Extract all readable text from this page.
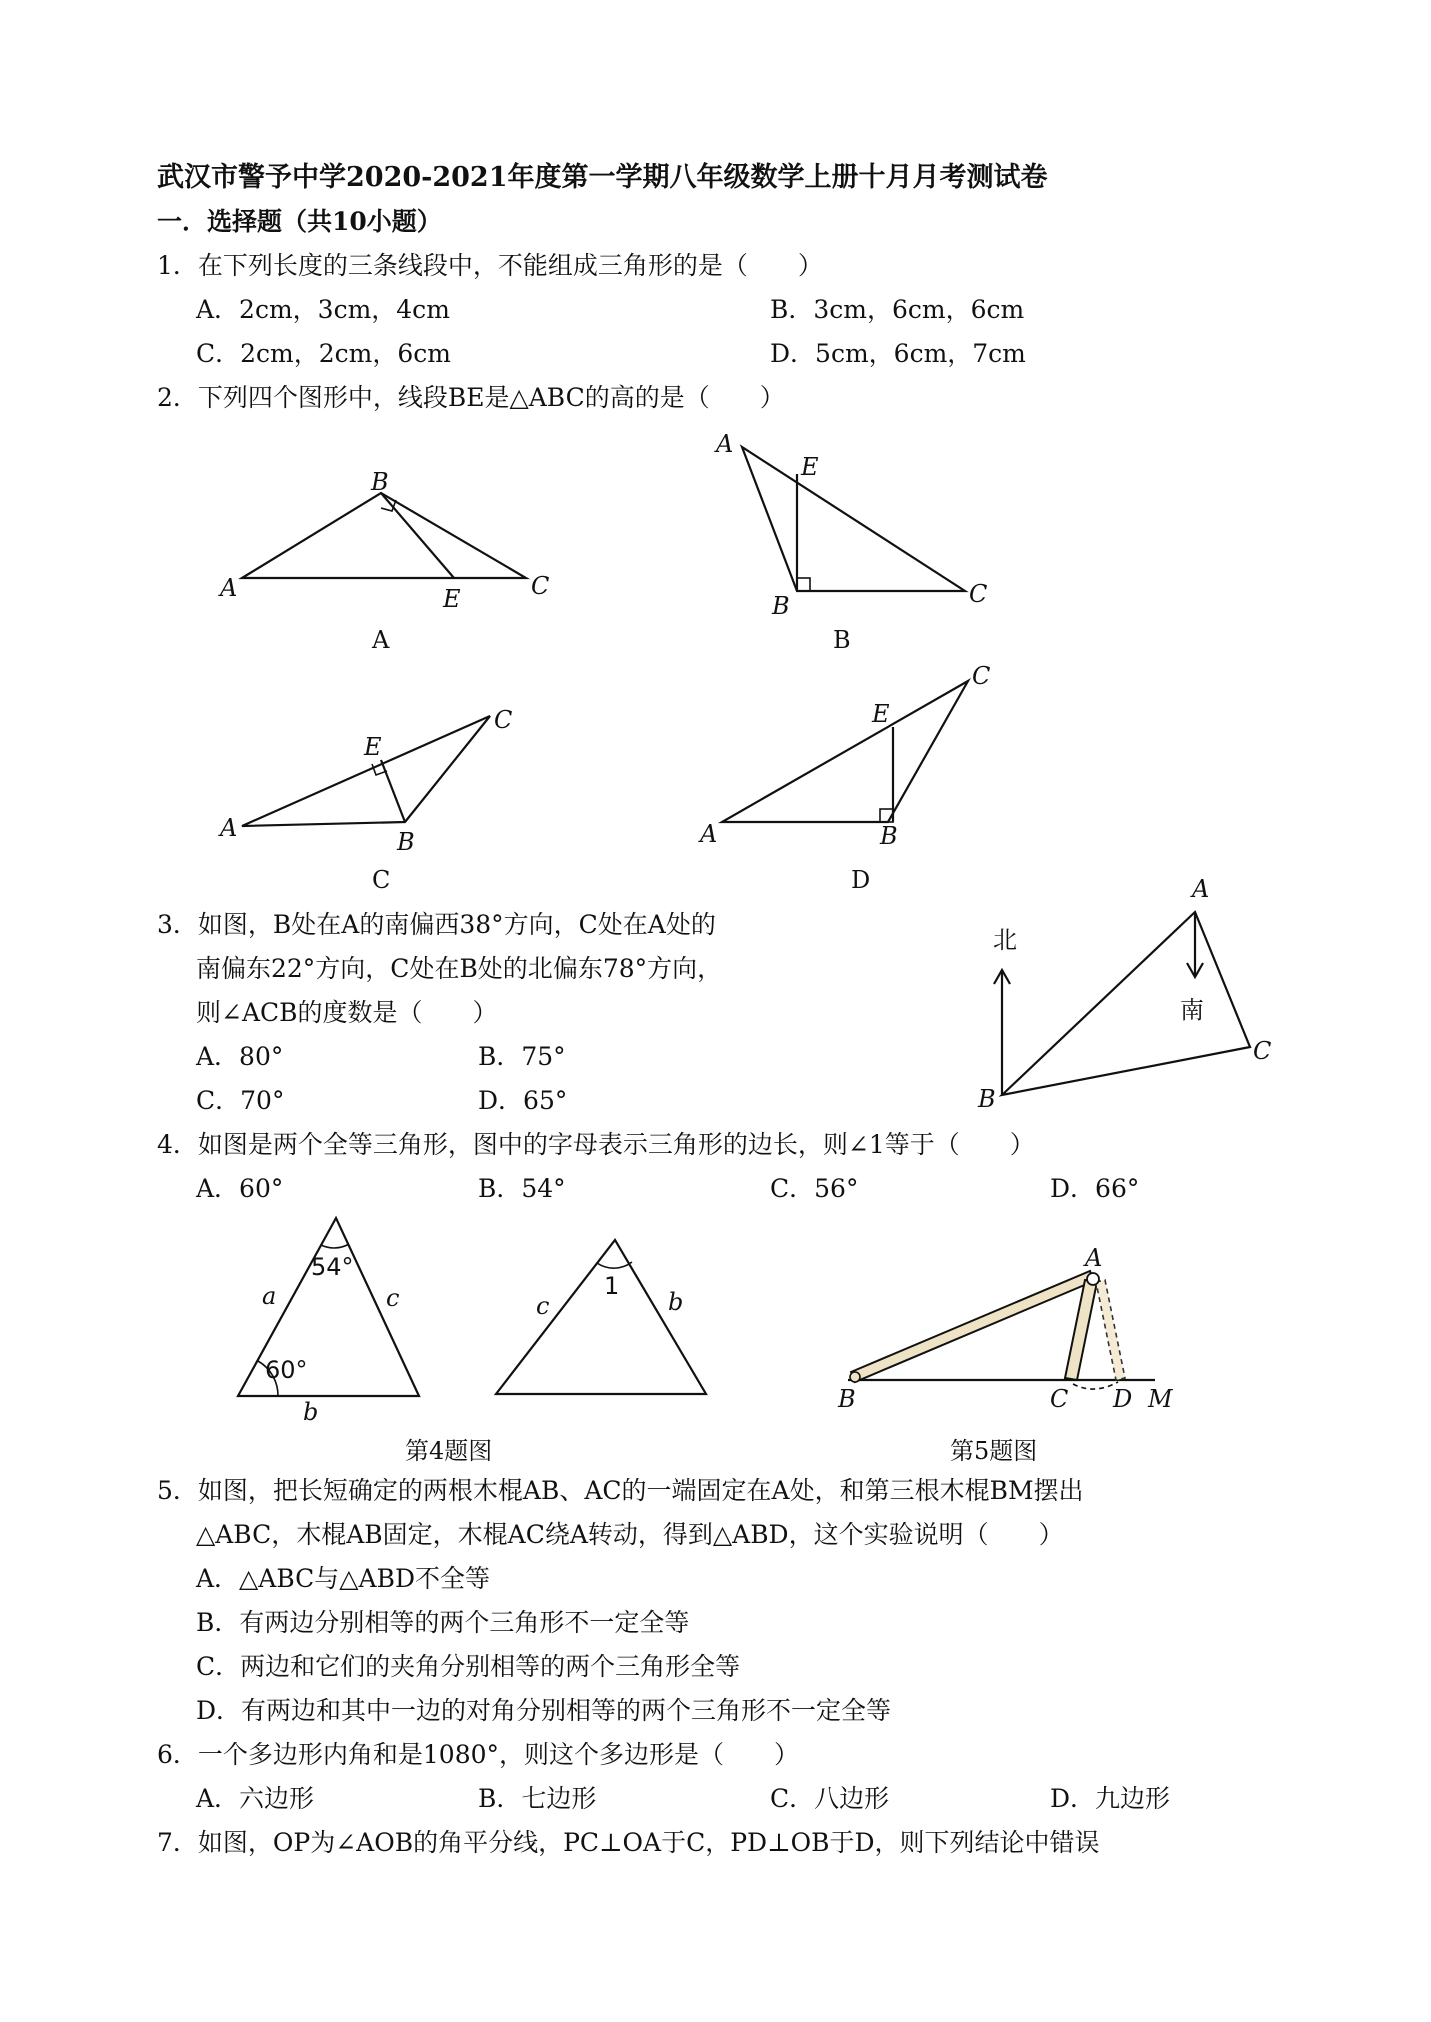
武汉市警予中学2020-2021年度第一学期八年级数学上册十月月考测试卷
一．选择题（共10小题）
1．在下列长度的三条线段中，不能组成三角形的是（　　）
A．2cm，3cm，4cm	B．3cm，6cm，6cm
C．2cm，2cm，6cm	D．5cm，6cm，7cm
2．下列四个图形中，线段BE是△ABC的高的是（　　）
A
B
C
E
A
E
B	C
A
E
C
B	A
E
C
B
北
南
A
B
C
54°
60°
a	c
b
1
c	b
A
B	C D M
A	B
C	D
3．如图，B处在A的南偏西38°方向，C处在A处的
南偏东22°方向，C处在B处的北偏东78°方向，
则∠ACB的度数是（　　）
A．80°	B．75°
C．70°	D．65°
4．如图是两个全等三角形，图中的字母表示三角形的边长，则∠1等于（　　）
A．60°	B．54°	C．56°	D．66°
第4题图	第5题图
5．如图，把长短确定的两根木棍AB、AC的一端固定在A处，和第三根木棍BM摆出
△ABC，木棍AB固定，木棍AC绕A转动，得到△ABD，这个实验说明（　　）
A．△ABC与△ABD不全等
B．有两边分别相等的两个三角形不一定全等
C．两边和它们的夹角分别相等的两个三角形全等
D．有两边和其中一边的对角分别相等的两个三角形不一定全等
6．一个多边形内角和是1080°，则这个多边形是（　　）
A．六边形	B．七边形	C．八边形	D．九边形
7．如图，OP为∠AOB的角平分线，PC⊥OA于C，PD⊥OB于D，则下列结论中错误
